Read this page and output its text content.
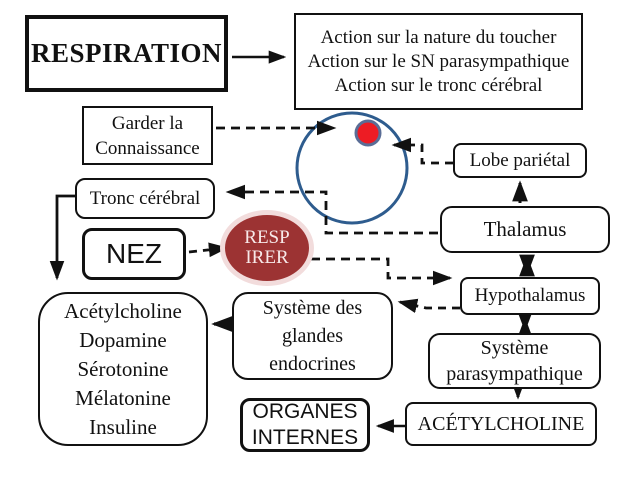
RESPIRATION
Action sur la nature du toucher
Action sur le SN parasympathique
Action sur le tronc cérébral
Garder la
Connaissance
Tronc cérébral
NEZ
RESP
IRER
Lobe pariétal
Thalamus
Hypothalamus
Système
parasympathique
ACÉTYLCHOLINE
ORGANES
INTERNES
Acétylcholine
Dopamine
Sérotonine
Mélatonine
Insuline
Système des
glandes
endocrines
